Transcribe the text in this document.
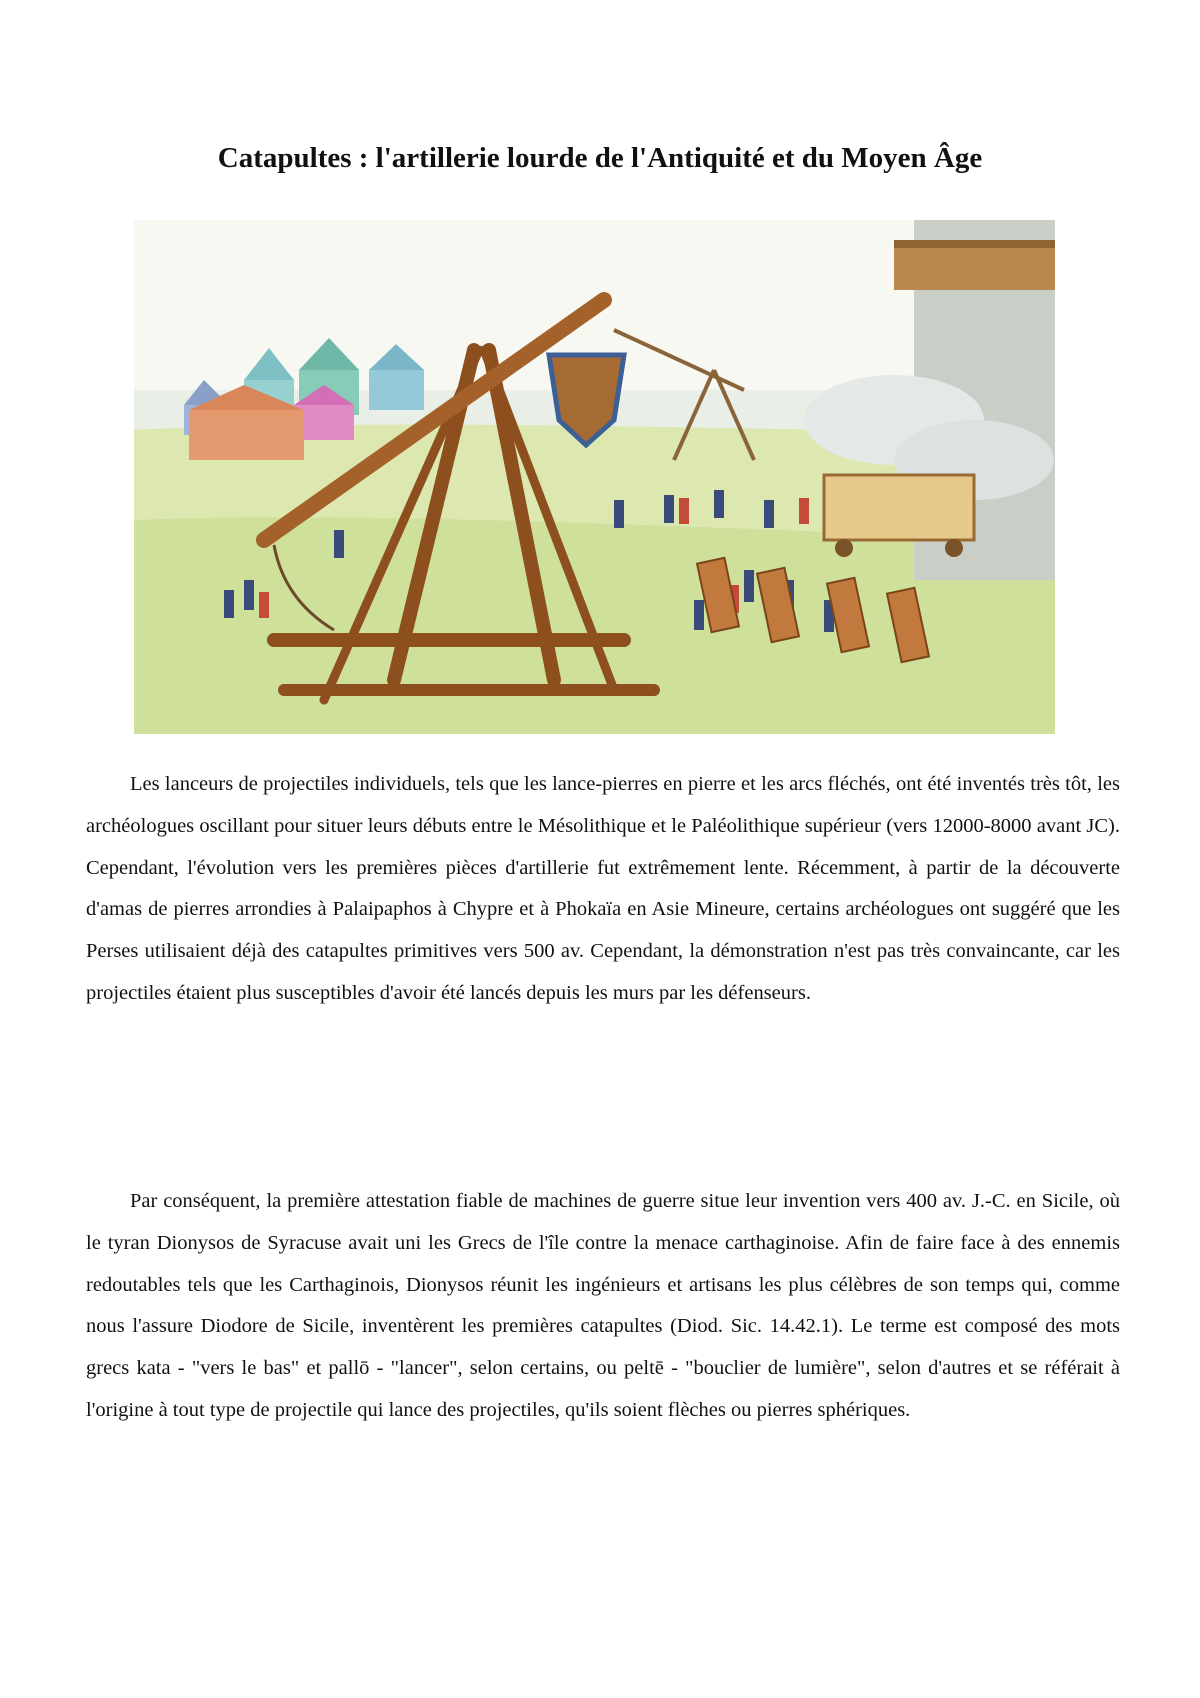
Catapultes : l'artillerie lourde de l'Antiquité et du Moyen Âge

Les lanceurs de projectiles individuels, tels que les lance-pierres en pierre et les arcs fléchés, ont été inventés très tôt, les archéologues oscillant pour situer leurs débuts entre le Mésolithique et le Paléolithique supérieur (vers 12000-8000 avant JC). Cependant, l'évolution vers les premières pièces d'artillerie fut extrêmement lente. Récemment, à partir de la découverte d'amas de pierres arrondies à Palaipaphos à Chypre et à Phokaïa en Asie Mineure, certains archéologues ont suggéré que les Perses utilisaient déjà des catapultes primitives vers 500 av. Cependant, la démonstration n'est pas très convaincante, car les projectiles étaient plus susceptibles d'avoir été lancés depuis les murs par les défenseurs.

Par conséquent, la première attestation fiable de machines de guerre situe leur invention vers 400 av. J.-C. en Sicile, où le tyran Dionysos de Syracuse avait uni les Grecs de l'île contre la menace carthaginoise. Afin de faire face à des ennemis redoutables tels que les Carthaginois, Dionysos réunit les ingénieurs et artisans les plus célèbres de son temps qui, comme nous l'assure Diodore de Sicile, inventèrent les premières catapultes (Diod. Sic. 14.42.1). Le terme est composé des mots grecs kata - "vers le bas" et pallō - "lancer", selon certains, ou peltē - "bouclier de lumière", selon d'autres et se référait à l'origine à tout type de projectile qui lance des projectiles, qu'ils soient flèches ou pierres sphériques.
